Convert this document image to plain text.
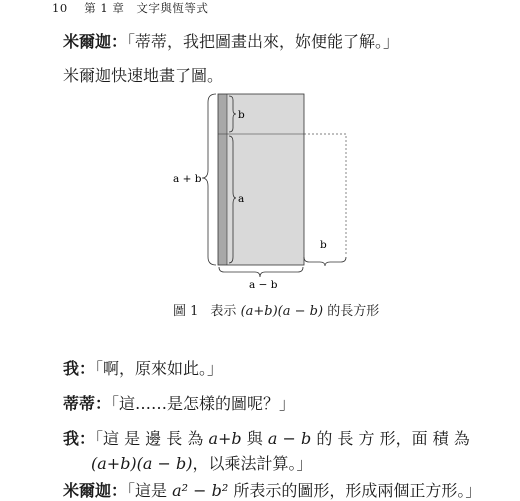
10 第 1 章　文字與恆等式
米爾迦：「蒂蒂，我把圖畫出來，妳便能了解。」
米爾迦快速地畫了圖。
a + b
b
a
b
a − b
圖 1 表示 (a+b)(a − b) 的長方形
我：「啊，原來如此。」
蒂蒂：「這……是怎樣的圖呢？」
我：「這 是 邊 長 為 a+b 與 a − b 的 長 方 形，面 積 為
(a+b)(a − b)，以乘法計算。」
米爾迦：「這是 a² − b² 所表示的圖形，形成兩個正方形。」
